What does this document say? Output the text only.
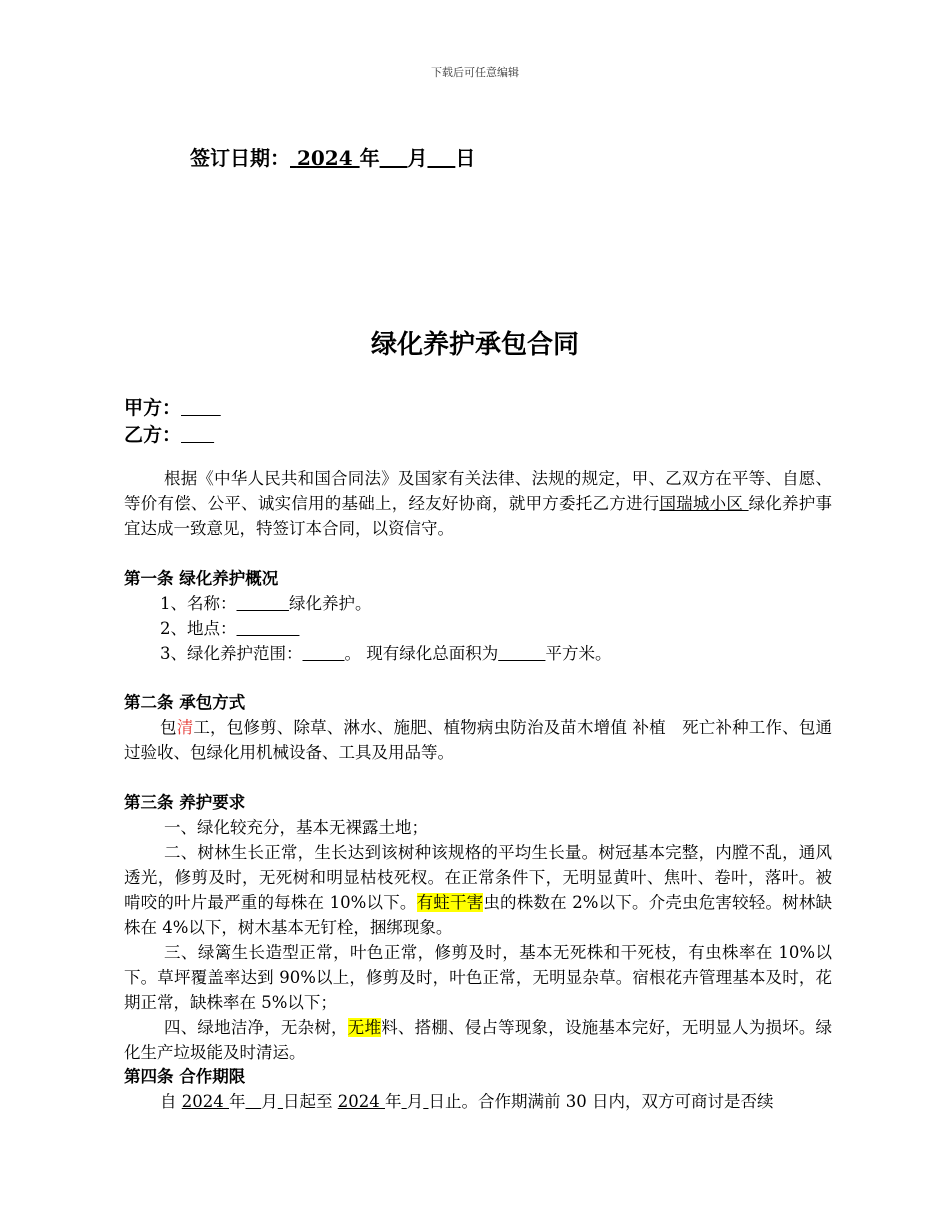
下载后可任意编辑
签订日期： 2024 年 月 日
绿化养护承包合同
甲方：
乙方：

根据《中华人民共和国合同法》及国家有关法律、法规的规定，甲、乙双方在平等、自愿、等价有偿、公平、诚实信用的基础上，经友好协商，就甲方委托乙方进行国瑞城小区 绿化养护事宜达成一致意见，特签订本合同，以资信守。

第一条 绿化养护概况
1、名称：	绿化养护。
2、地点：
3、绿化养护范围：	。 现有绿化总面积为	平方米。
第二条 承包方式

包清工，包修剪、除草、淋水、施肥、植物病虫防治及苗木增值 补植   死亡补种工作、包通过验收、包绿化用机械设备、工具及用品等。

第三条 养护要求

一、绿化较充分，基本无裸露土地；

二、树林生长正常，生长达到该树种该规格的平均生长量。树冠基本完整，内膛不乱，通风透光，修剪及时，无死树和明显枯枝死杈。在正常条件下，无明显黄叶、焦叶、卷叶，落叶。被啃咬的叶片最严重的每株在 10%以下。有蛀干害虫的株数在 2%以下。介壳虫危害较轻。树林缺株在 4%以下，树木基本无钉栓，捆绑现象。

三、绿篱生长造型正常，叶色正常，修剪及时，基本无死株和干死枝，有虫株率在 10%以下。草坪覆盖率达到 90%以上，修剪及时，叶色正常，无明显杂草。宿根花卉管理基本及时，花期正常，缺株率在 5%以下；

四、绿地洁净，无杂树，无堆料、搭棚、侵占等现象，设施基本完好，无明显人为损坏。绿化生产垃圾能及时清运。

第四条 合作期限
自 2024 年 月 日起至 2024 年 月 日止。合作期满前 30 日内，双方可商讨是否续
